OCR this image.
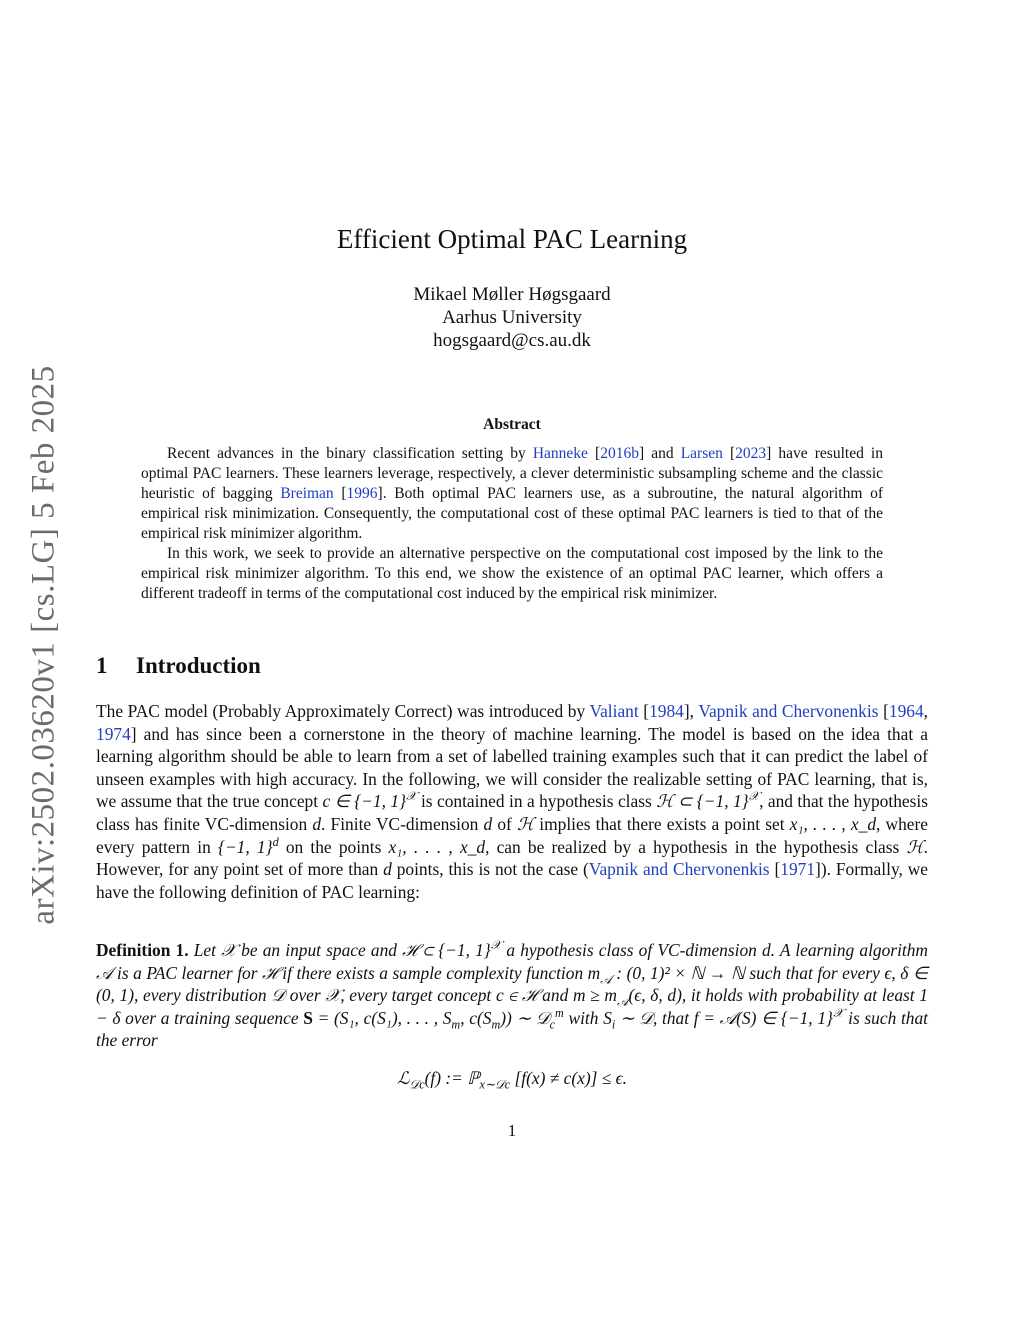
arXiv:2502.03620v1 [cs.LG] 5 Feb 2025
Efficient Optimal PAC Learning
Mikael Møller Høgsgaard
Aarhus University
hogsgaard@cs.au.dk
Abstract

Recent advances in the binary classification setting by Hanneke [2016b] and Larsen [2023] have resulted in optimal PAC learners. These learners leverage, respectively, a clever deterministic subsampling scheme and the classic heuristic of bagging Breiman [1996]. Both optimal PAC learners use, as a subroutine, the natural algorithm of empirical risk minimization. Consequently, the computational cost of these optimal PAC learners is tied to that of the empirical risk minimizer algorithm.

In this work, we seek to provide an alternative perspective on the computational cost imposed by the link to the empirical risk minimizer algorithm. To this end, we show the existence of an optimal PAC learner, which offers a different tradeoff in terms of the computational cost induced by the empirical risk minimizer.

1 Introduction

The PAC model (Probably Approximately Correct) was introduced by Valiant [1984], Vapnik and Chervonenkis [1964, 1974] and has since been a cornerstone in the theory of machine learning. The model is based on the idea that a learning algorithm should be able to learn from a set of labelled training examples such that it can predict the label of unseen examples with high accuracy. In the following, we will consider the realizable setting of PAC learning, that is, we assume that the true concept c ∈ {−1, 1}$^𝒳$ is contained in a hypothesis class ℋ ⊂ {−1, 1}$^𝒳$, and that the hypothesis class has finite VC-dimension d. Finite VC-dimension d of ℋ implies that there exists a point set x₁, . . . , x_d, where every pattern in {−1, 1}$^d$ on the points x₁, . . . , x_d, can be realized by a hypothesis in the hypothesis class ℋ. However, for any point set of more than d points, this is not the case (Vapnik and Chervonenkis [1971]). Formally, we have the following definition of PAC learning:

Definition 1. Let 𝒳 be an input space and ℋ ⊂ {−1, 1}$^𝒳$ a hypothesis class of VC-dimension d. A learning algorithm 𝒜 is a PAC learner for ℋ if there exists a sample complexity function $m_𝒜$ : (0, 1)² × ℕ → ℕ such that for every ϵ, δ ∈ (0, 1), every distribution 𝒟 over 𝒳, every target concept c ∈ ℋ and $m \ge m_𝒜(\epsilon$, δ, d), it holds with probability at least 1 − δ over a training sequence S = (S₁, c(S₁), . . . , $S_m$, $c(S_m)$) ∼ 𝒟$_c^m$ with $S_i$ ∼ 𝒟, that f = 𝒜(S) ∈ {−1, 1}$^𝒳$ is such that the error
ℒ$_{𝒟c}$(f) := ℙ$_{x\sim 𝒟c}$ [f(x) ≠ c(x)] ≤ ϵ.
1
